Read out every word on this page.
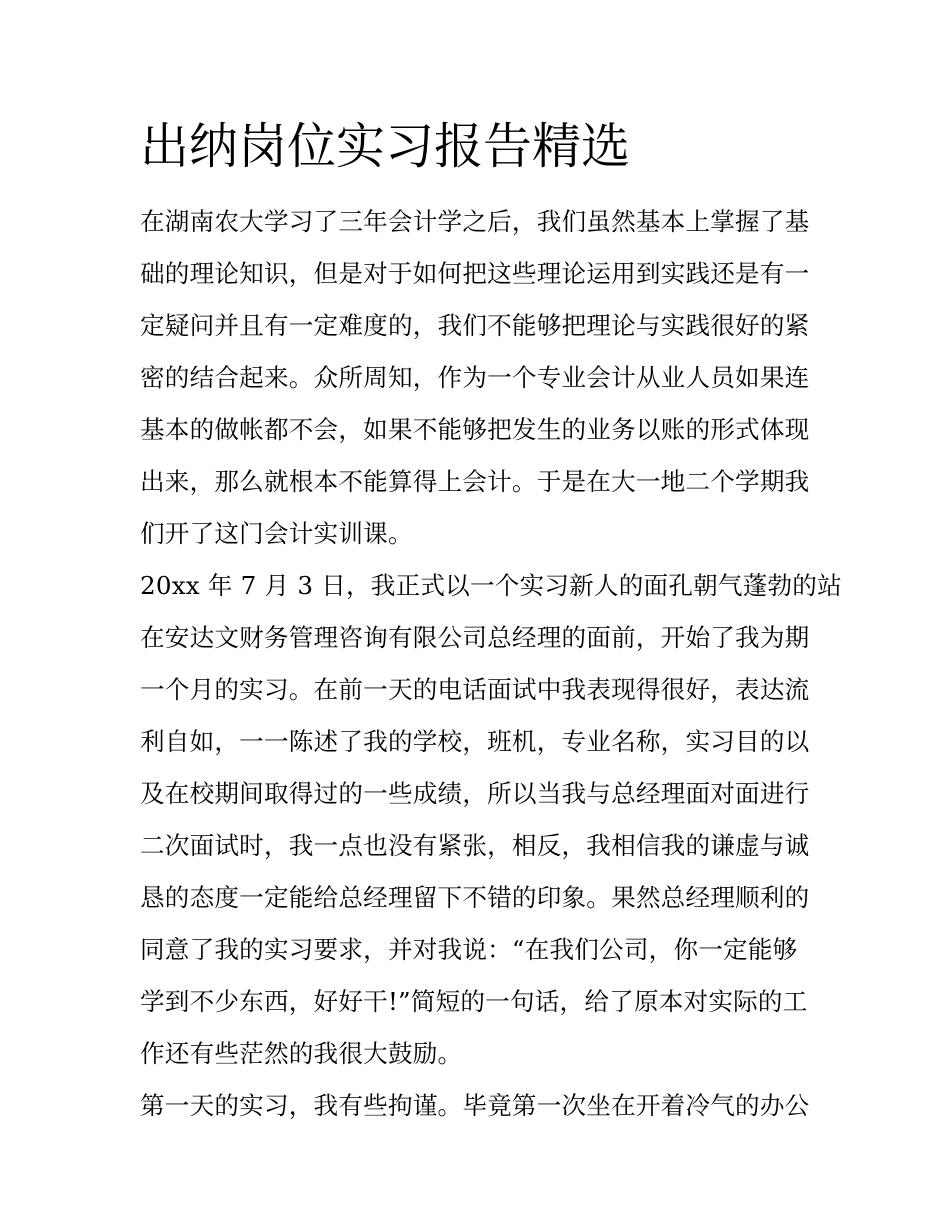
出纳岗位实习报告精选

在湖南农大学习了三年会计学之后，我们虽然基本上掌握了基

础的理论知识，但是对于如何把这些理论运用到实践还是有一

定疑问并且有一定难度的，我们不能够把理论与实践很好的紧

密的结合起来。众所周知，作为一个专业会计从业人员如果连

基本的做帐都不会，如果不能够把发生的业务以账的形式体现

出来，那么就根本不能算得上会计。于是在大一地二个学期我

们开了这门会计实训课。

20xx 年 7 月 3 日，我正式以一个实习新人的面孔朝气蓬勃的站

在安达文财务管理咨询有限公司总经理的面前，开始了我为期

一个月的实习。在前一天的电话面试中我表现得很好，表达流

利自如，一一陈述了我的学校，班机，专业名称，实习目的以

及在校期间取得过的一些成绩，所以当我与总经理面对面进行

二次面试时，我一点也没有紧张，相反，我相信我的谦虚与诚

恳的态度一定能给总经理留下不错的印象。果然总经理顺利的

同意了我的实习要求，并对我说：“在我们公司，你一定能够

学到不少东西，好好干!”简短的一句话，给了原本对实际的工

作还有些茫然的我很大鼓励。

第一天的实习，我有些拘谨。毕竟第一次坐在开着冷气的办公
